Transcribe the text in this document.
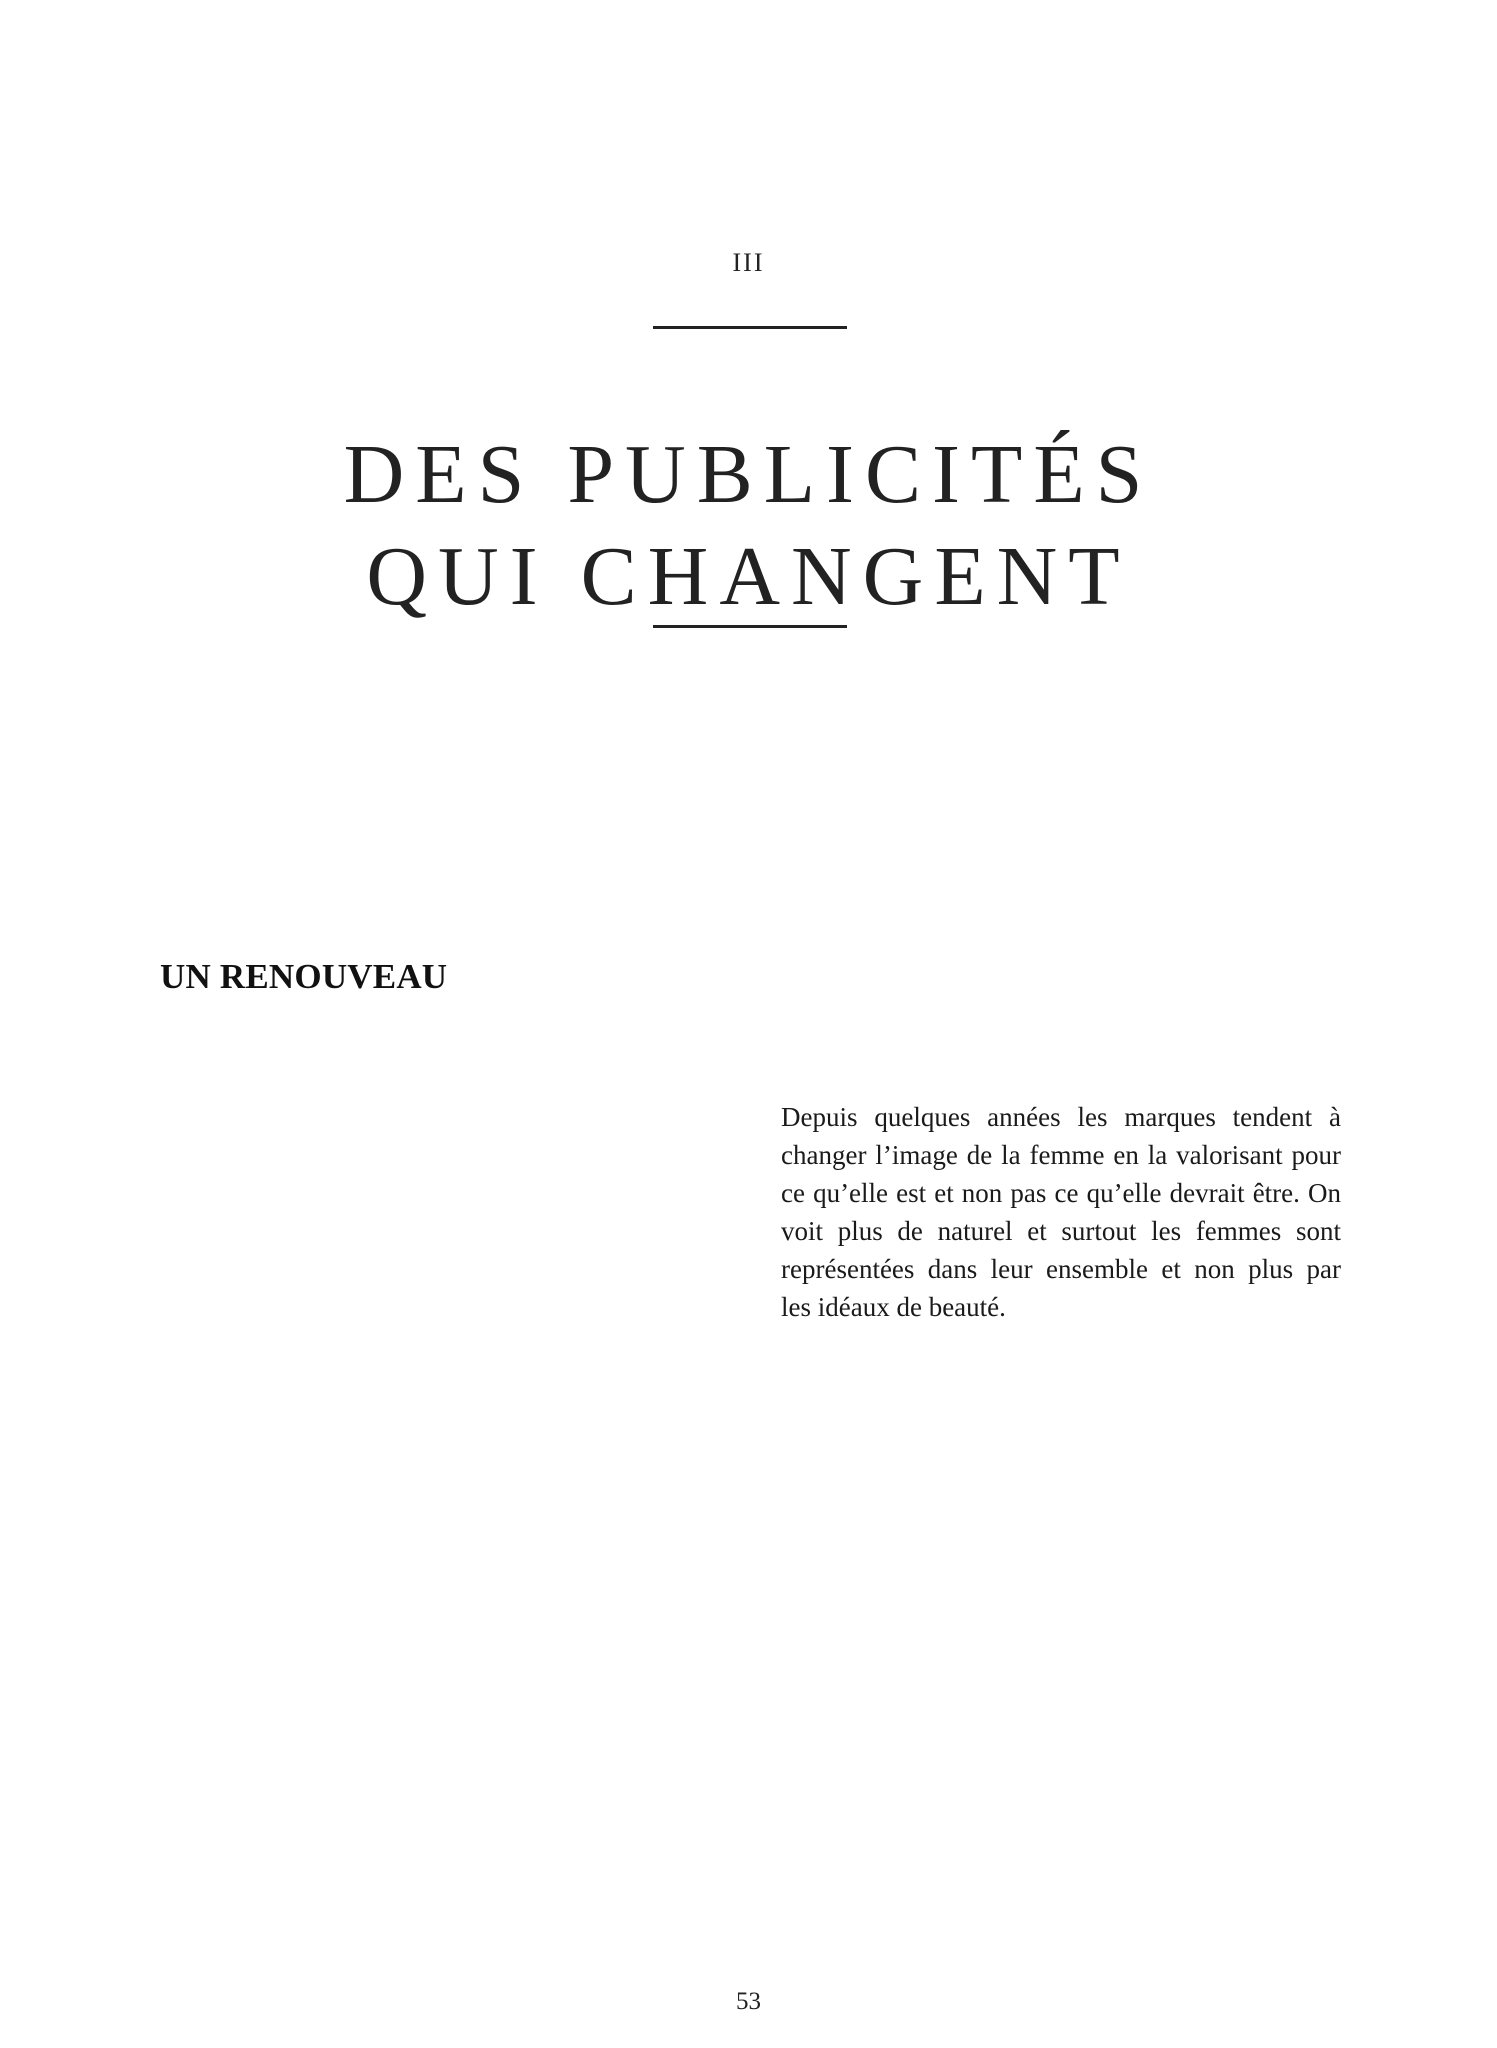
III
DES PUBLICITÉS
QUI CHANGENT
UN RENOUVEAU

Depuis quelques années les marques tendent à
changer l’image de la femme en la valorisant pour
ce qu’elle est et non pas ce qu’elle devrait être. On
voit plus de naturel et surtout les femmes sont
représentées dans leur ensemble et non plus par
les idéaux de beauté.

53
